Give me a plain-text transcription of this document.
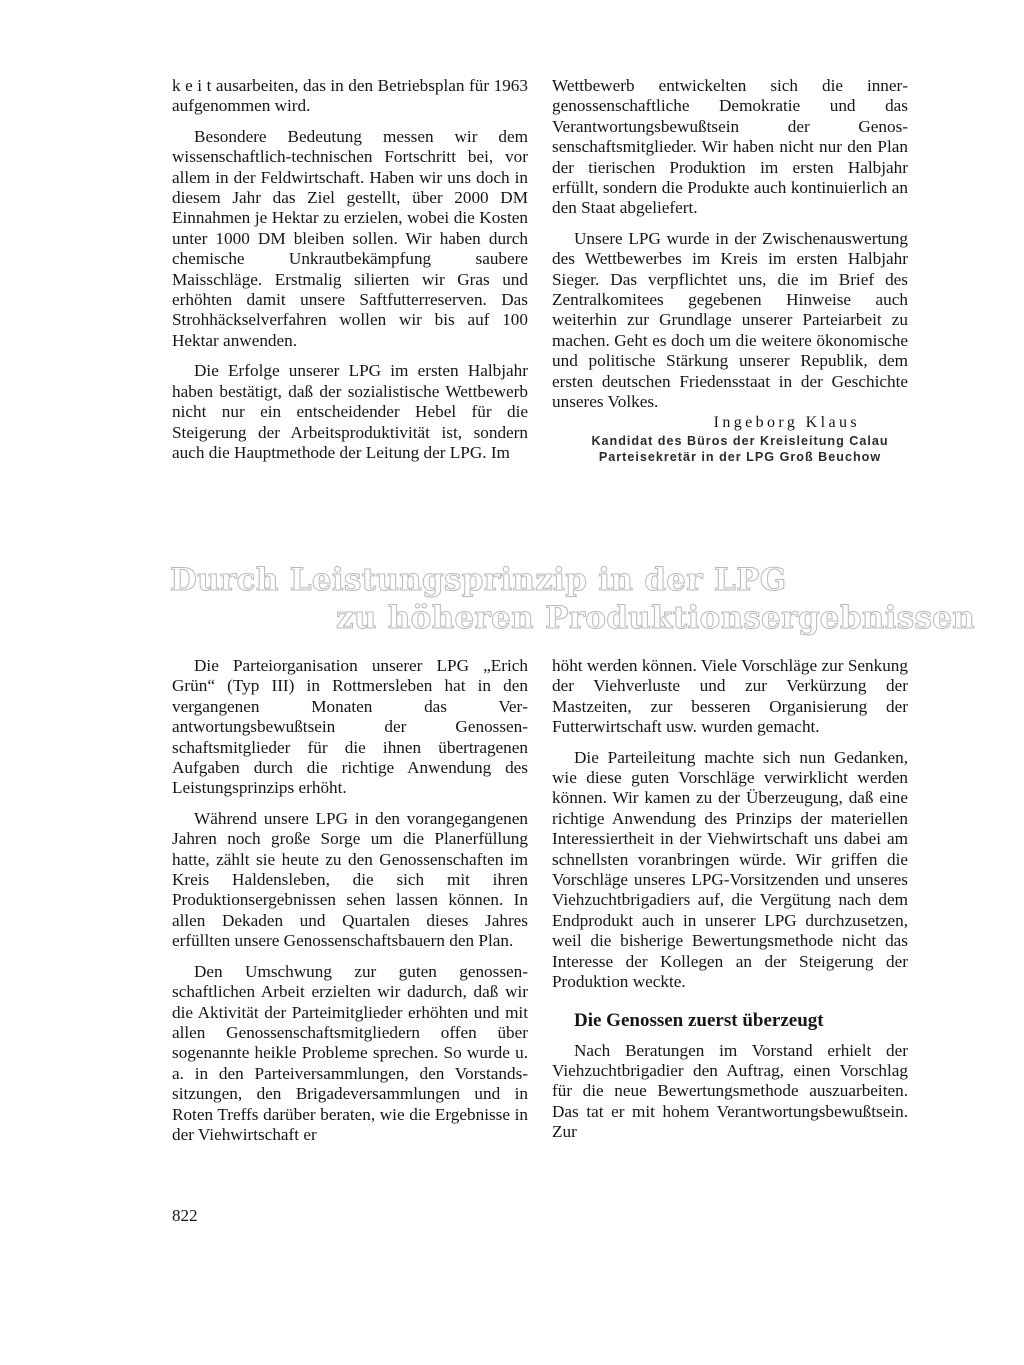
k e i t ausarbeiten, das in den Betriebsplan für 1963 aufgenommen wird.

Besondere Bedeutung messen wir dem wissenschaftlich-technischen Fortschritt bei, vor allem in der Feldwirtschaft. Haben wir uns doch in diesem Jahr das Ziel gestellt, über 2000 DM Einnahmen je Hektar zu erzielen, wobei die Kosten unter 1000 DM bleiben sollen. Wir haben durch chemische Unkrautbekämpfung saubere Maisschläge. Erstmalig silierten wir Gras und erhöhten damit unsere Saftfutterreserven. Das Strohhäckselverfahren wollen wir bis auf 100 Hektar anwenden.

Die Erfolge unserer LPG im ersten Halbjahr haben bestätigt, daß der sozialistische Wettbewerb nicht nur ein entscheidender Hebel für die Steigerung der Arbeitsproduktivität ist, sondern auch die Hauptmethode der Leitung der LPG. Im

Wettbewerb entwickelten sich die innergenossenschaftliche Demokratie und das Verantwortungsbewußtsein der Genossenschaftsmitglieder. Wir haben nicht nur den Plan der tierischen Produktion im ersten Halbjahr erfüllt, sondern die Produkte auch kontinuierlich an den Staat abgeliefert.

Unsere LPG wurde in der Zwischenauswertung des Wettbewerbes im Kreis im ersten Halbjahr Sieger. Das verpflichtet uns, die im Brief des Zentralkomitees gegebenen Hinweise auch weiterhin zur Grundlage unserer Parteiarbeit zu machen. Geht es doch um die weitere ökonomische und politische Stärkung unserer Republik, dem ersten deutschen Friedensstaat in der Geschichte unseres Volkes.

Ingeborg Klaus
Kandidat des Büros der Kreisleitung Calau
Parteisekretär in der LPG Groß Beuchow
Durch Leistungsprinzip in der LPG
zu höheren Produktionsergebnissen

Die Parteiorganisation unserer LPG „Erich Grün“ (Typ III) in Rottmersleben hat in den vergangenen Monaten das Verantwortungsbewußtsein der Genossenschaftsmitglieder für die ihnen übertragenen Aufgaben durch die richtige Anwendung des Leistungsprinzips erhöht.

Während unsere LPG in den vorangegangenen Jahren noch große Sorge um die Planerfüllung hatte, zählt sie heute zu den Genossenschaften im Kreis Haldensleben, die sich mit ihren Produktionsergebnissen sehen lassen können. In allen Dekaden und Quartalen dieses Jahres erfüllten unsere Genossenschaftsbauern den Plan.

Den Umschwung zur guten genossenschaftlichen Arbeit erzielten wir dadurch, daß wir die Aktivität der Parteimitglieder erhöhten und mit allen Genossenschaftsmitgliedern offen über sogenannte heikle Probleme sprechen. So wurde u. a. in den Parteiversammlungen, den Vorstandssitzungen, den Brigadeversammlungen und in Roten Treffs darüber beraten, wie die Ergebnisse in der Viehwirtschaft er

höht werden können. Viele Vorschläge zur Senkung der Viehverluste und zur Verkürzung der Mastzeiten, zur besseren Organisierung der Futterwirtschaft usw. wurden gemacht.

Die Parteileitung machte sich nun Gedanken, wie diese guten Vorschläge verwirklicht werden können. Wir kamen zu der Überzeugung, daß eine richtige Anwendung des Prinzips der materiellen Interessiertheit in der Viehwirtschaft uns dabei am schnellsten voranbringen würde. Wir griffen die Vorschläge unseres LPG-Vorsitzenden und unseres Viehzuchtbrigadiers auf, die Vergütung nach dem Endprodukt auch in unserer LPG durchzusetzen, weil die bisherige Bewertungsmethode nicht das Interesse der Kollegen an der Steigerung der Produktion weckte.

Die Genossen zuerst überzeugt

Nach Beratungen im Vorstand erhielt der Viehzuchtbrigadier den Auftrag, einen Vorschlag für die neue Bewertungsmethode auszuarbeiten. Das tat er mit hohem Verantwortungsbewußtsein. Zur

822
